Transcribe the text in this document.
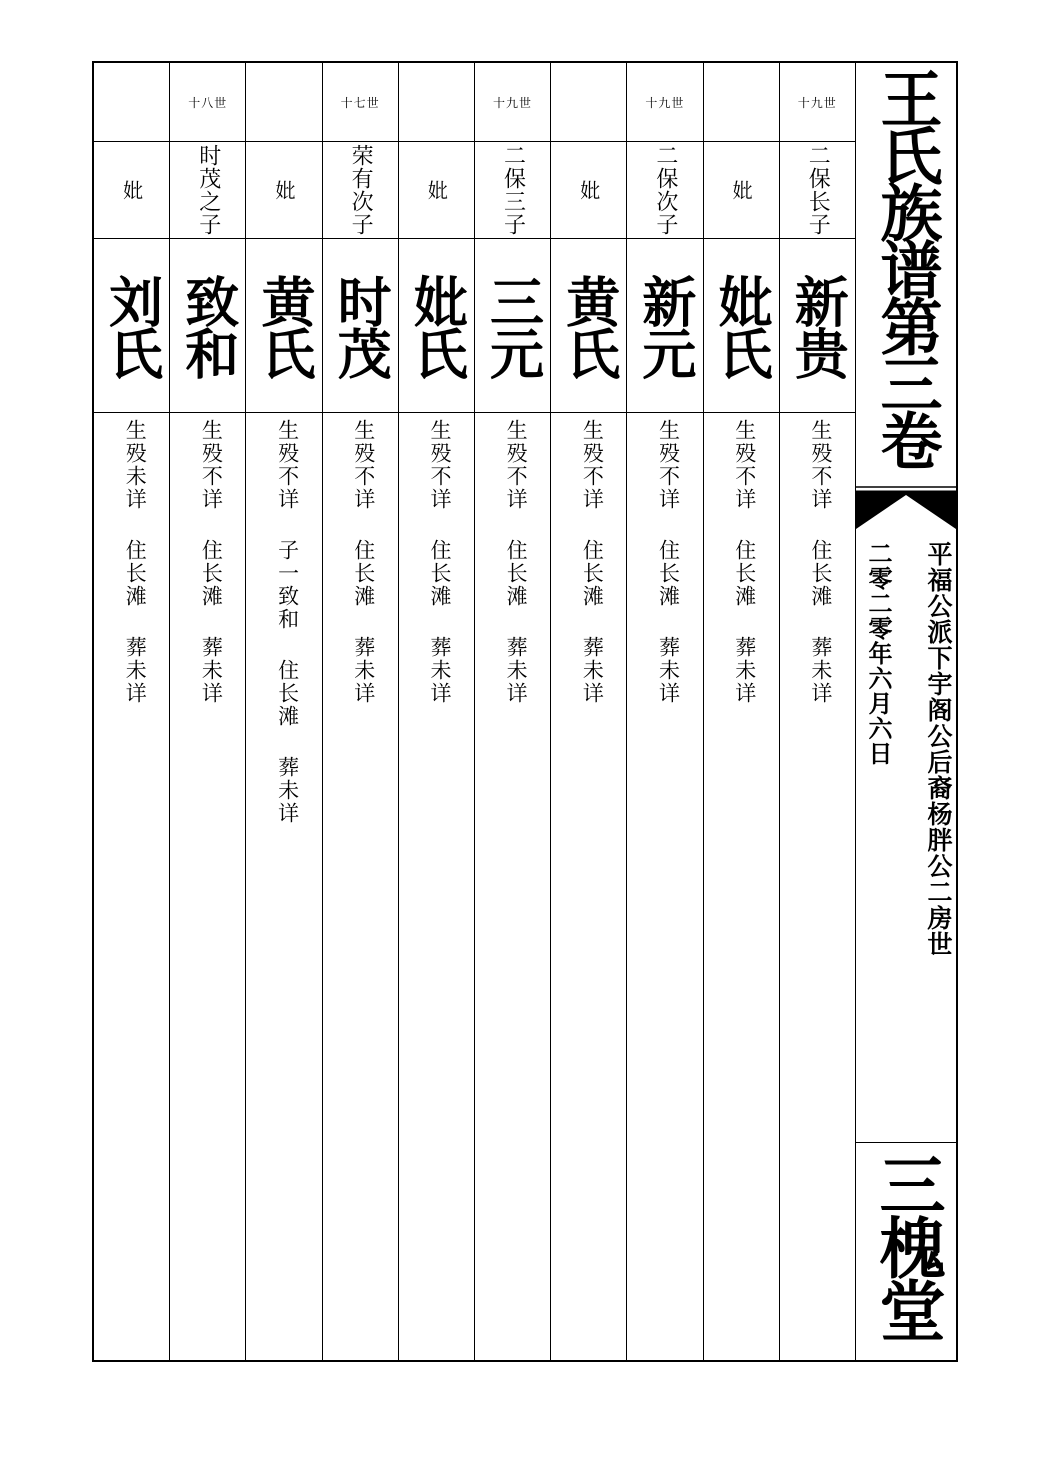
妣
刘氏
生殁未详住长滩葬未详
十八世
时茂之子
致和
生殁不详住长滩葬未详
妣
黄氏
生殁不详子一致和住长滩葬未详
十七世
荣有次子
时茂
生殁不详住长滩葬未详
妣
妣氏
生殁不详住长滩葬未详
十九世
二保三子
三元
生殁不详住长滩葬未详
妣
黄氏
生殁不详住长滩葬未详
十九世
二保次子
新元
生殁不详住长滩葬未详
妣
妣氏
生殁不详住长滩葬未详
十九世
二保长子
新贵
生殁不详住长滩葬未详
王氏族谱第三卷
平福公派下宇阁公后裔杨胖公二房世
二零二零年六月六日
三槐堂
